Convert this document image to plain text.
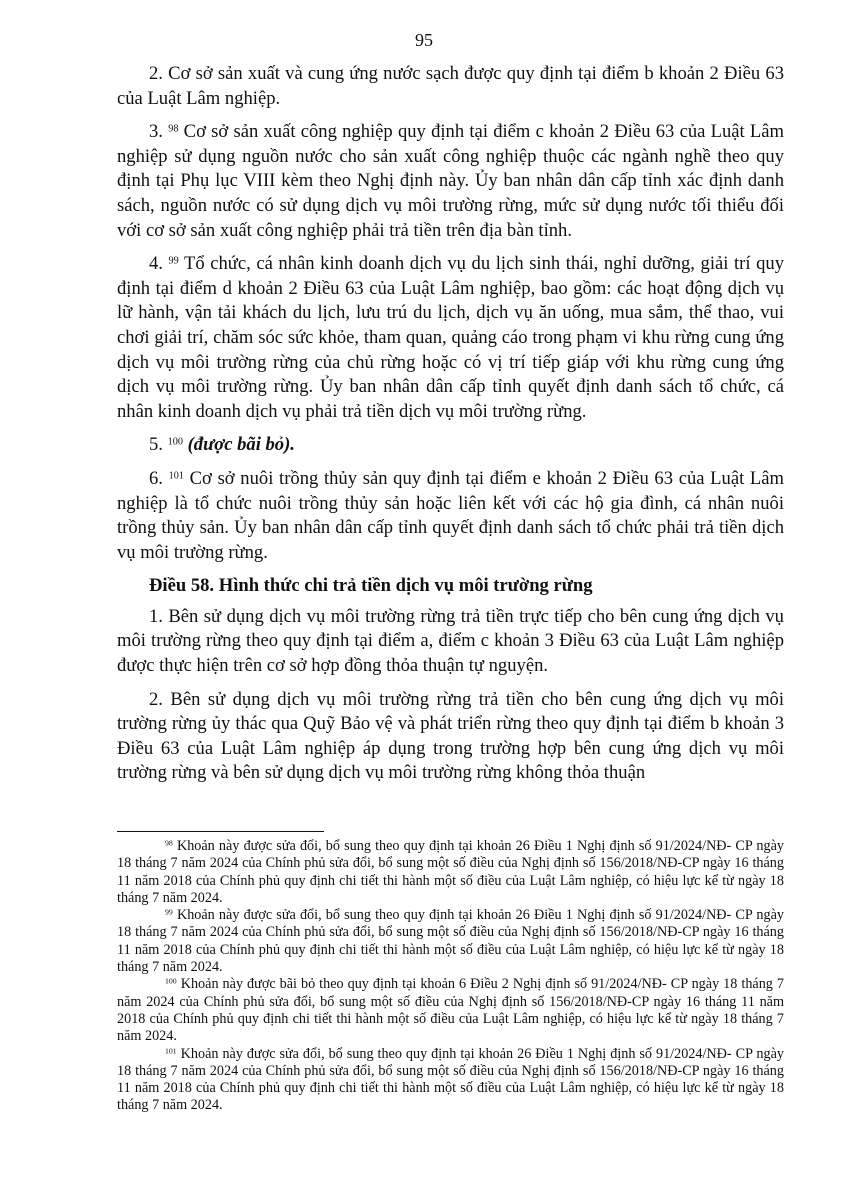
95

2. Cơ sở sản xuất và cung ứng nước sạch được quy định tại điểm b khoản 2 Điều 63 của Luật Lâm nghiệp.

3. $^{98}$ Cơ sở sản xuất công nghiệp quy định tại điểm c khoản 2 Điều 63 của Luật Lâm nghiệp sử dụng nguồn nước cho sản xuất công nghiệp thuộc các ngành nghề theo quy định tại Phụ lục VIII kèm theo Nghị định này. Ủy ban nhân dân cấp tỉnh xác định danh sách, nguồn nước có sử dụng dịch vụ môi trường rừng, mức sử dụng nước tối thiểu đối với cơ sở sản xuất công nghiệp phải trả tiền trên địa bàn tỉnh.

4. $^{99}$ Tổ chức, cá nhân kinh doanh dịch vụ du lịch sinh thái, nghỉ dưỡng, giải trí quy định tại điểm d khoản 2 Điều 63 của Luật Lâm nghiệp, bao gồm: các hoạt động dịch vụ lữ hành, vận tải khách du lịch, lưu trú du lịch, dịch vụ ăn uống, mua sắm, thể thao, vui chơi giải trí, chăm sóc sức khỏe, tham quan, quảng cáo trong phạm vi khu rừng cung ứng dịch vụ môi trường rừng của chủ rừng hoặc có vị trí tiếp giáp với khu rừng cung ứng dịch vụ môi trường rừng. Ủy ban nhân dân cấp tỉnh quyết định danh sách tổ chức, cá nhân kinh doanh dịch vụ phải trả tiền dịch vụ môi trường rừng.

5. $^{100}$ (được bãi bỏ).

6. $^{101}$ Cơ sở nuôi trồng thủy sản quy định tại điểm e khoản 2 Điều 63 của Luật Lâm nghiệp là tổ chức nuôi trồng thủy sản hoặc liên kết với các hộ gia đình, cá nhân nuôi trồng thủy sản. Ủy ban nhân dân cấp tỉnh quyết định danh sách tổ chức phải trả tiền dịch vụ môi trường rừng.

Điều 58. Hình thức chi trả tiền dịch vụ môi trường rừng

1. Bên sử dụng dịch vụ môi trường rừng trả tiền trực tiếp cho bên cung ứng dịch vụ môi trường rừng theo quy định tại điểm a, điểm c khoản 3 Điều 63 của Luật Lâm nghiệp được thực hiện trên cơ sở hợp đồng thỏa thuận tự nguyện.

2. Bên sử dụng dịch vụ môi trường rừng trả tiền cho bên cung ứng dịch vụ môi trường rừng ủy thác qua Quỹ Bảo vệ và phát triển rừng theo quy định tại điểm b khoản 3 Điều 63 của Luật Lâm nghiệp áp dụng trong trường hợp bên cung ứng dịch vụ môi trường rừng và bên sử dụng dịch vụ môi trường rừng không thỏa thuận

$^{98}$ Khoản này được sửa đổi, bổ sung theo quy định tại khoản 26 Điều 1 Nghị định số 91/2024/NĐ- CP ngày 18 tháng 7 năm 2024 của Chính phủ sửa đổi, bổ sung một số điều của Nghị định số 156/2018/NĐ-CP ngày 16 tháng 11 năm 2018 của Chính phủ quy định chi tiết thi hành một số điều của Luật Lâm nghiệp, có hiệu lực kể từ ngày 18 tháng 7 năm 2024.

$^{99}$ Khoản này được sửa đổi, bổ sung theo quy định tại khoản 26 Điều 1 Nghị định số 91/2024/NĐ- CP ngày 18 tháng 7 năm 2024 của Chính phủ sửa đổi, bổ sung một số điều của Nghị định số 156/2018/NĐ-CP ngày 16 tháng 11 năm 2018 của Chính phủ quy định chi tiết thi hành một số điều của Luật Lâm nghiệp, có hiệu lực kể từ ngày 18 tháng 7 năm 2024.

$^{100}$ Khoản này được bãi bỏ theo quy định tại khoản 6 Điều 2 Nghị định số 91/2024/NĐ- CP ngày 18 tháng 7 năm 2024 của Chính phủ sửa đổi, bổ sung một số điều của Nghị định số 156/2018/NĐ-CP ngày 16 tháng 11 năm 2018 của Chính phủ quy định chi tiết thi hành một số điều của Luật Lâm nghiệp, có hiệu lực kể từ ngày 18 tháng 7 năm 2024.

$^{101}$ Khoản này được sửa đổi, bổ sung theo quy định tại khoản 26 Điều 1 Nghị định số 91/2024/NĐ- CP ngày 18 tháng 7 năm 2024 của Chính phủ sửa đổi, bổ sung một số điều của Nghị định số 156/2018/NĐ-CP ngày 16 tháng 11 năm 2018 của Chính phủ quy định chi tiết thi hành một số điều của Luật Lâm nghiệp, có hiệu lực kể từ ngày 18 tháng 7 năm 2024.
